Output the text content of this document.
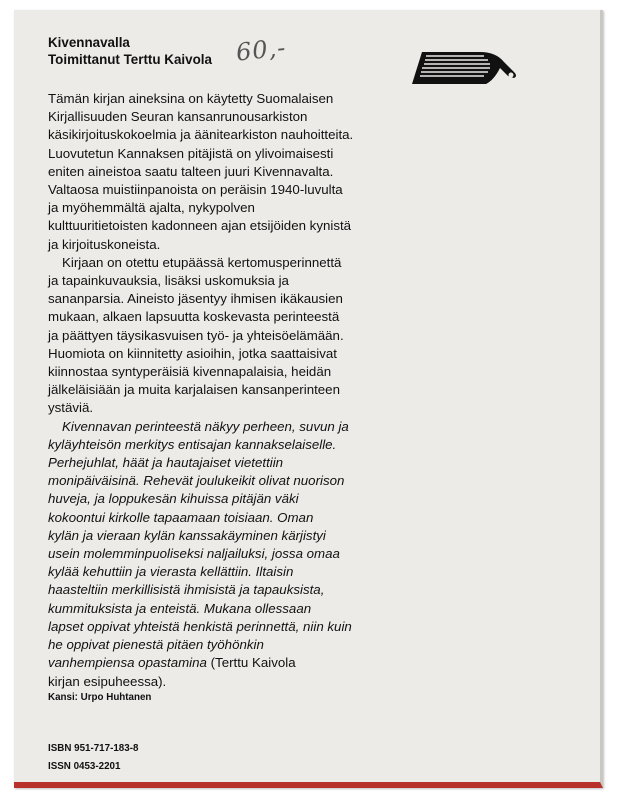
Kivennavalla
Toimittanut Terttu Kaivola 60,-
1831
Tämän kirjan aineksina on käytetty Suomalaisen
Kirjallisuuden Seuran kansanrunousarkiston
käsikirjoituskokoelmia ja äänitearkiston nauhoitteita.
Luovutetun Kannaksen pitäjistä on ylivoimaisesti
eniten aineistoa saatu talteen juuri Kivennavalta.
Valtaosa muistiinpanoista on peräisin 1940-luvulta
ja myöhemmältä ajalta, nykypolven
kulttuuritietoisten kadonneen ajan etsijöiden kynistä
ja kirjoituskoneista.
Kirjaan on otettu etupäässä kertomusperinnettä
ja tapainkuvauksia, lisäksi uskomuksia ja
sananparsia. Aineisto jäsentyy ihmisen ikäkausien
mukaan, alkaen lapsuutta koskevasta perinteestä
ja päättyen täysikasvuisen työ- ja yhteisöelämään.
Huomiota on kiinnitetty asioihin, jotka saattaisivat
kiinnostaa syntyperäisiä kivennapalaisia, heidän
jälkeläisiään ja muita karjalaisen kansanperinteen
ystäviä.
Kivennavan perinteestä näkyy perheen, suvun ja
kyläyhteisön merkitys entisajan kannakselaiselle.
Perhejuhlat, häät ja hautajaiset vietettiin
monipäiväisinä. Rehevät joulukeikit olivat nuorison
huveja, ja loppukesän kihuissa pitäjän väki
kokoontui kirkolle tapaamaan toisiaan. Oman
kylän ja vieraan kylän kanssakäyminen kärjistyi
usein molemminpuoliseksi naljailuksi, jossa omaa
kylää kehuttiin ja vierasta kellättiin. Iltaisin
haasteltiin merkillisistä ihmisistä ja tapauksista,
kummituksista ja enteistä. Mukana ollessaan
lapset oppivat yhteistä henkistä perinnettä, niin kuin
he oppivat pienestä pitäen työhönkin
vanhempiensa opastamina (Terttu Kaivola
kirjan esipuheessa).
Kansi: Urpo Huhtanen
ISBN 951-717-183-8
ISSN 0453-2201
